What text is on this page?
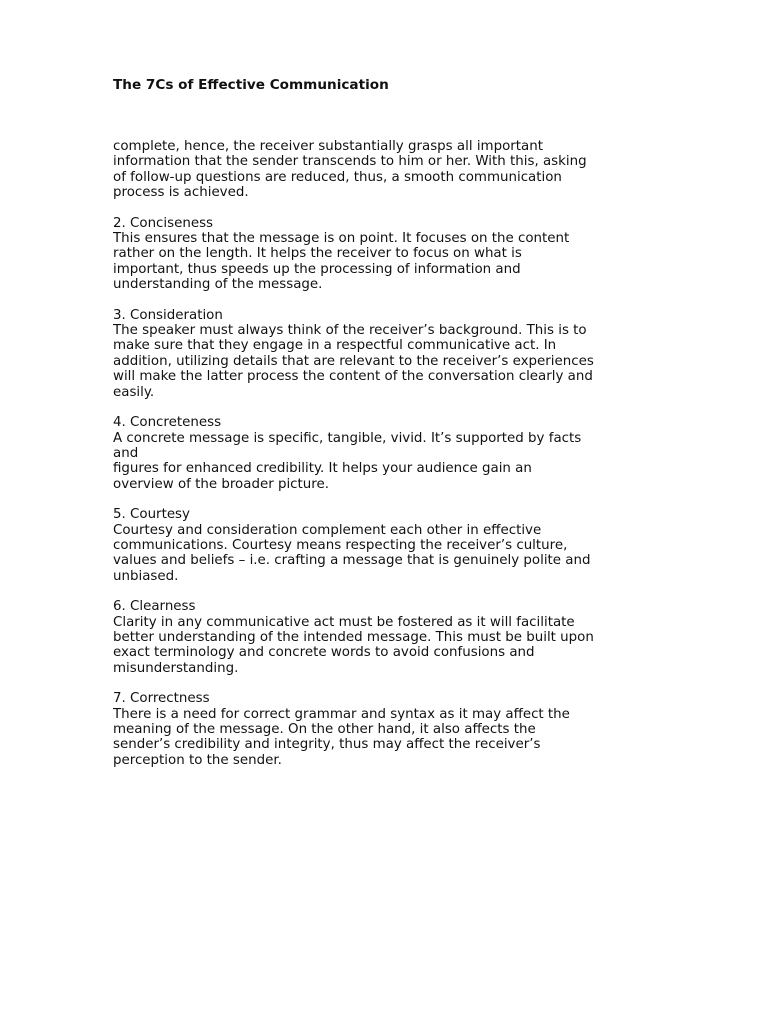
The 7Cs of Effective Communication

complete, hence, the receiver substantially grasps all important
information that the sender transcends to him or her. With this, asking
of follow-up questions are reduced, thus, a smooth communication
process is achieved.

2. Conciseness
This ensures that the message is on point. It focuses on the content
rather on the length. It helps the receiver to focus on what is
important, thus speeds up the processing of information and
understanding of the message.

3. Consideration
The speaker must always think of the receiver’s background. This is to
make sure that they engage in a respectful communicative act. In
addition, utilizing details that are relevant to the receiver’s experiences
will make the latter process the content of the conversation clearly and
easily.

4. Concreteness
A concrete message is specific, tangible, vivid. It’s supported by facts
and
figures for enhanced credibility. It helps your audience gain an
overview of the broader picture.

5. Courtesy
Courtesy and consideration complement each other in effective
communications. Courtesy means respecting the receiver’s culture,
values and beliefs – i.e. crafting a message that is genuinely polite and
unbiased.

6. Clearness
Clarity in any communicative act must be fostered as it will facilitate
better understanding of the intended message. This must be built upon
exact terminology and concrete words to avoid confusions and
misunderstanding.

7. Correctness
There is a need for correct grammar and syntax as it may affect the
meaning of the message. On the other hand, it also affects the
sender’s credibility and integrity, thus may affect the receiver’s
perception to the sender.
